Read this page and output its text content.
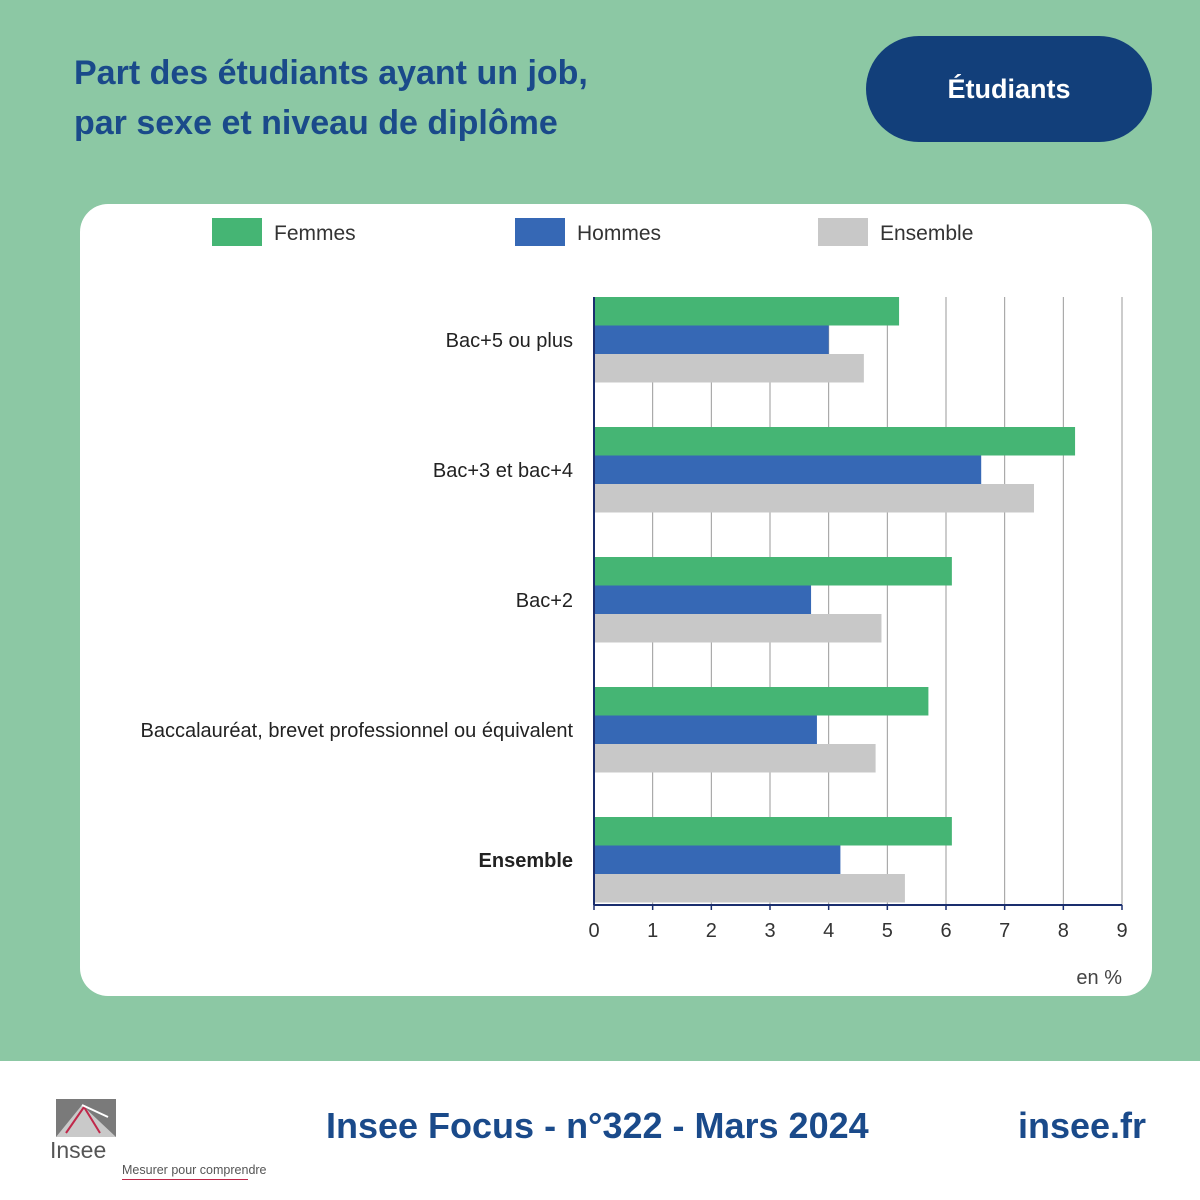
Part des étudiants ayant un job,
par sexe et niveau de diplôme
Étudiants
Femmes	Hommes	Ensemble
Bac+5 ou plus
Bac+3 et bac+4
Bac+2
Baccalauréat, brevet professionnel ou équivalent
Ensemble
0 1 2 3 4 5 6 7 8 9
en %
Insee
Mesurer pour comprendre
Insee Focus - n°322 - Mars 2024	insee.fr
